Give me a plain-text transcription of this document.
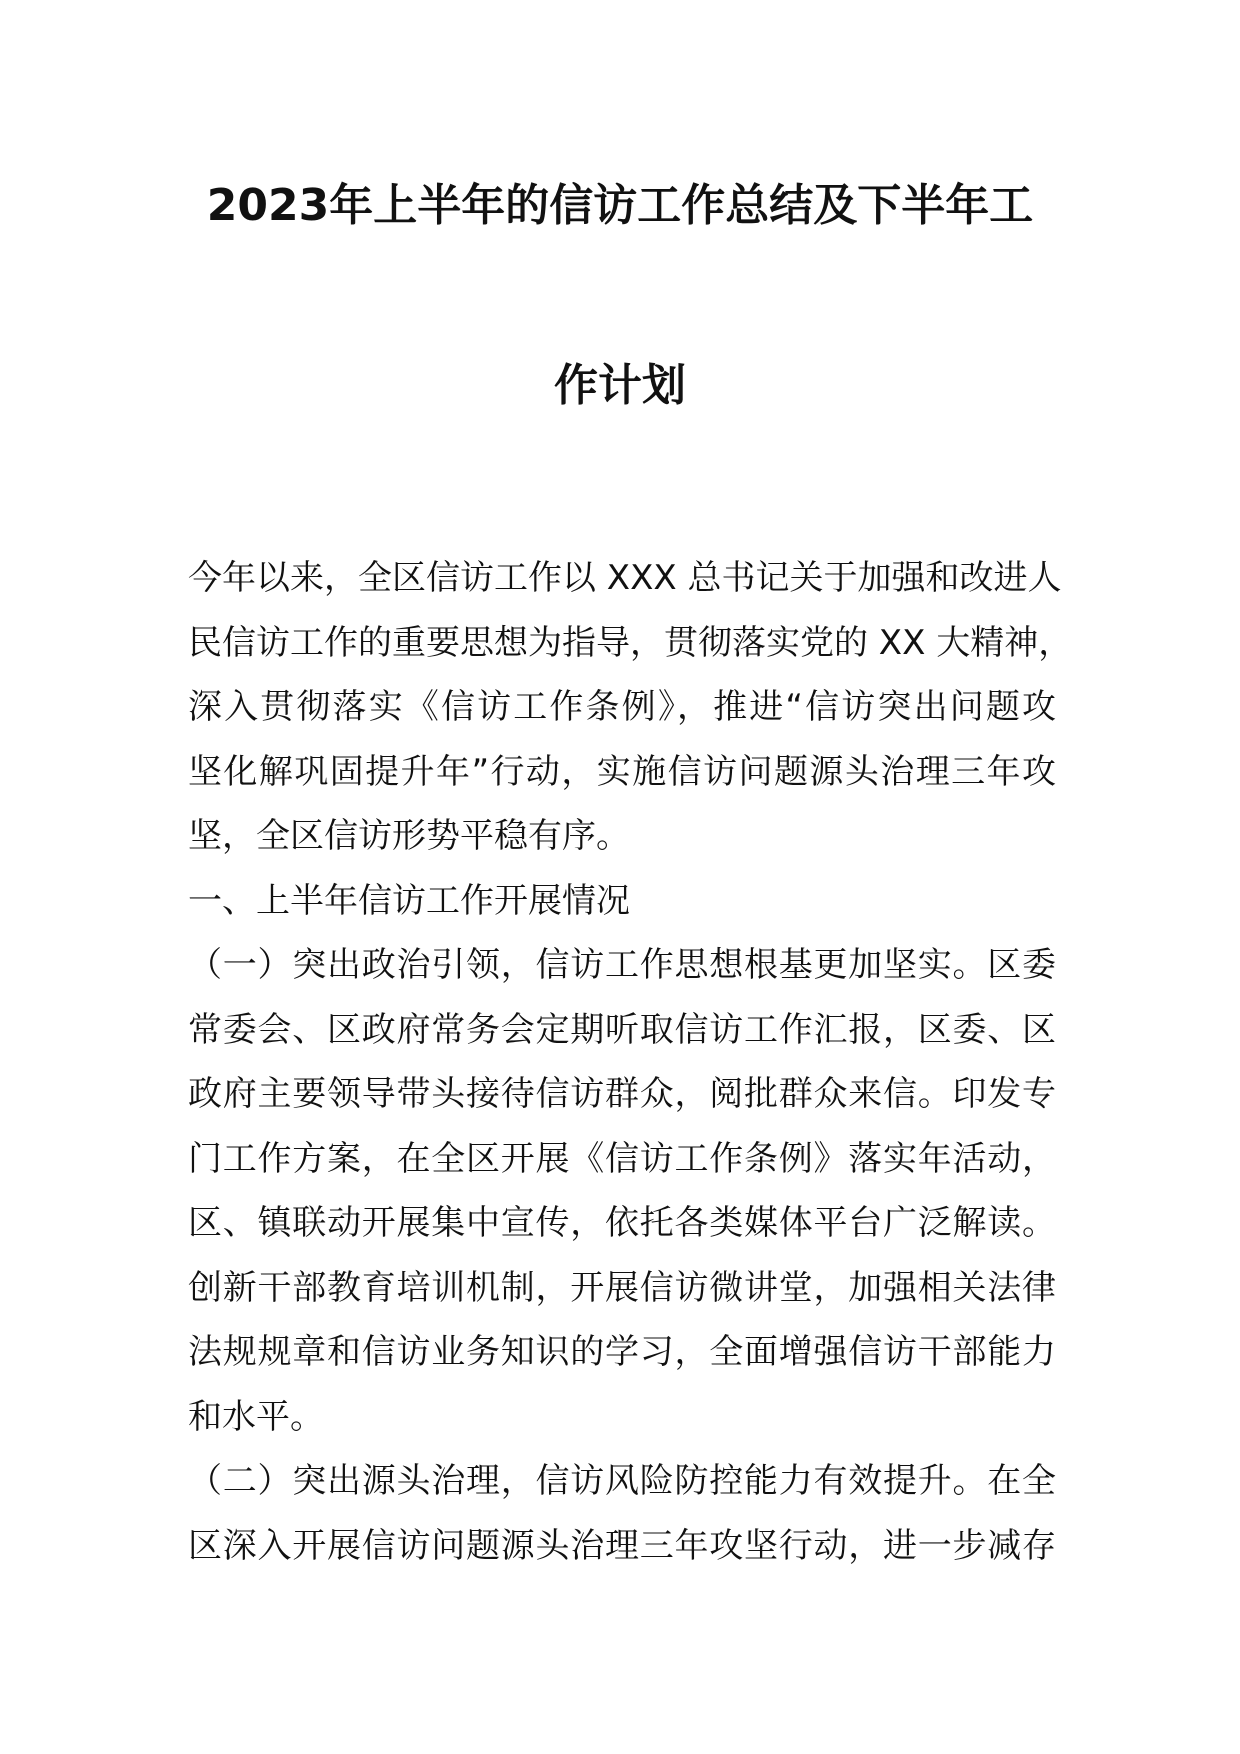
2023年上半年的信访工作总结及下半年工
作计划

今年以来，全区信访工作以 XXX 总书记关于加强和改进人

民信访工作的重要思想为指导，贯彻落实党的 XX 大精神，

深入贯彻落实《信访工作条例》，推进“信访突出问题攻

坚化解巩固提升年”行动，实施信访问题源头治理三年攻

坚，全区信访形势平稳有序。

一、上半年信访工作开展情况

（一）突出政治引领，信访工作思想根基更加坚实。区委

常委会、区政府常务会定期听取信访工作汇报，区委、区

政府主要领导带头接待信访群众，阅批群众来信。印发专

门工作方案，在全区开展《信访工作条例》落实年活动，

区、镇联动开展集中宣传，依托各类媒体平台广泛解读。

创新干部教育培训机制，开展信访微讲堂，加强相关法律

法规规章和信访业务知识的学习，全面增强信访干部能力

和水平。

（二）突出源头治理，信访风险防控能力有效提升。在全

区深入开展信访问题源头治理三年攻坚行动，进一步减存
